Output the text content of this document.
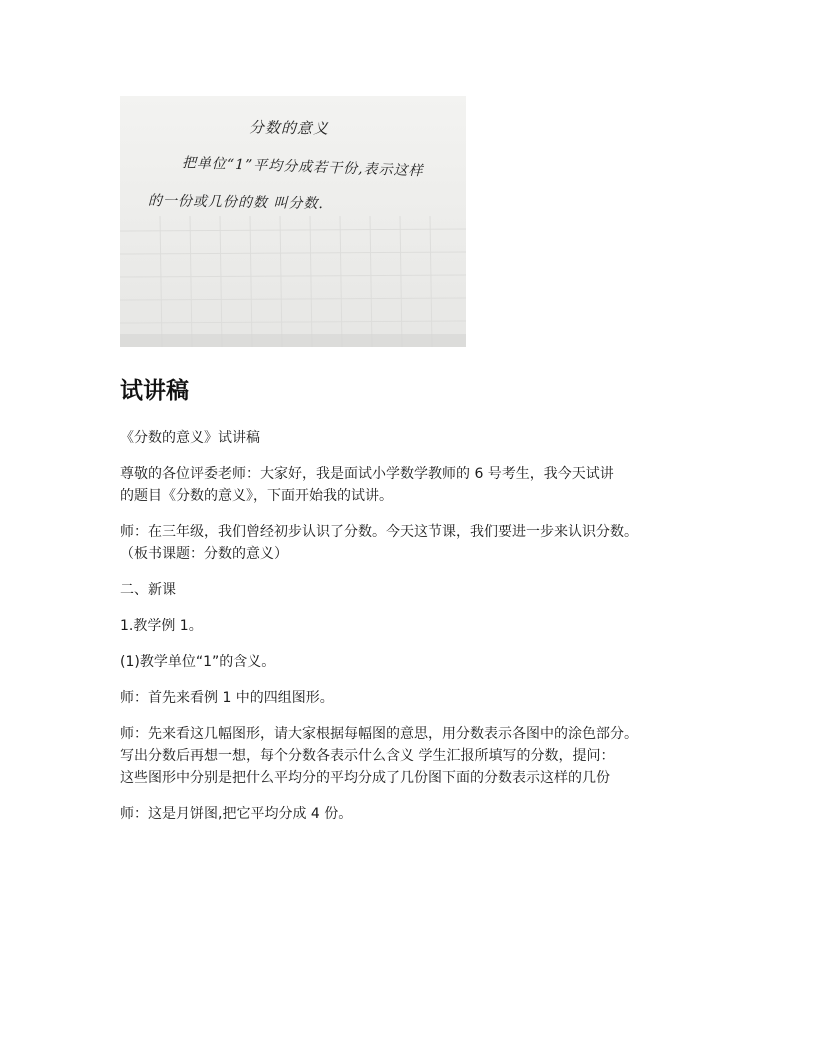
分数的意义
把单位“1”平均分成若干份,表示这样
的一份或几份的数 叫分数.
试讲稿
《分数的意义》试讲稿
尊敬的各位评委老师：大家好，我是面试小学数学教师的 6 号考生，我今天试讲
的题目《分数的意义》，下面开始我的试讲。
师：在三年级，我们曾经初步认识了分数。今天这节课，我们要进一步来认识分数。
（板书课题：分数的意义）
二、新课
1.教学例 1。
(1)教学单位“1”的含义。
师：首先来看例 1 中的四组图形。
师：先来看这几幅图形，请大家根据每幅图的意思，用分数表示各图中的涂色部分。
写出分数后再想一想，每个分数各表示什么含义 学生汇报所填写的分数，提问：
这些图形中分别是把什么平均分的平均分成了几份图下面的分数表示这样的几份
师：这是月饼图,把它平均分成 4 份。
